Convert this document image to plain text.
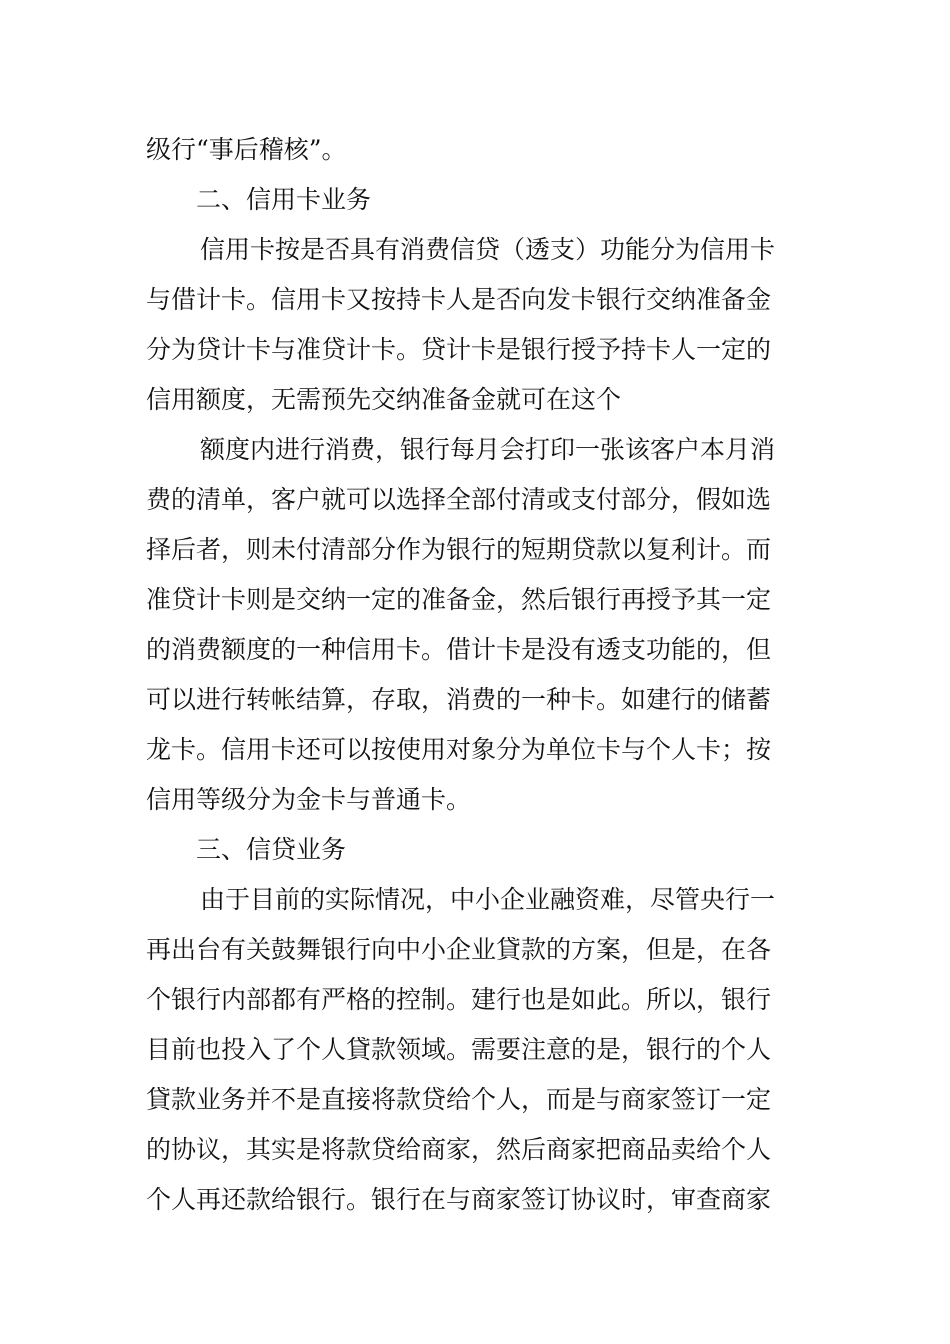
级行“事后稽核”。
二、信用卡业务
信用卡按是否具有消费信贷（透支）功能分为信用卡
与借计卡。信用卡又按持卡人是否向发卡银行交纳准备金
分为贷计卡与准贷计卡。贷计卡是银行授予持卡人一定的
信用额度，无需预先交纳准备金就可在这个
额度内进行消费，银行每月会打印一张该客户本月消
费的清单，客户就可以选择全部付清或支付部分，假如选
择后者，则未付清部分作为银行的短期贷款以复利计。而
准贷计卡则是交纳一定的准备金，然后银行再授予其一定
的消费额度的一种信用卡。借计卡是没有透支功能的，但
可以进行转帐结算，存取，消费的一种卡。如建行的储蓄
龙卡。信用卡还可以按使用对象分为单位卡与个人卡；按
信用等级分为金卡与普通卡。
三、信贷业务
由于目前的实际情况，中小企业融资难，尽管央行一
再出台有关鼓舞银行向中小企业貸款的方案，但是，在各
个银行内部都有严格的控制。建行也是如此。所以，银行
目前也投入了个人貸款领域。需要注意的是，银行的个人
貸款业务并不是直接将款贷给个人，而是与商家签订一定
的协议，其实是将款贷给商家，然后商家把商品卖给个人
个人再还款给银行。银行在与商家签订协议时，审查商家
